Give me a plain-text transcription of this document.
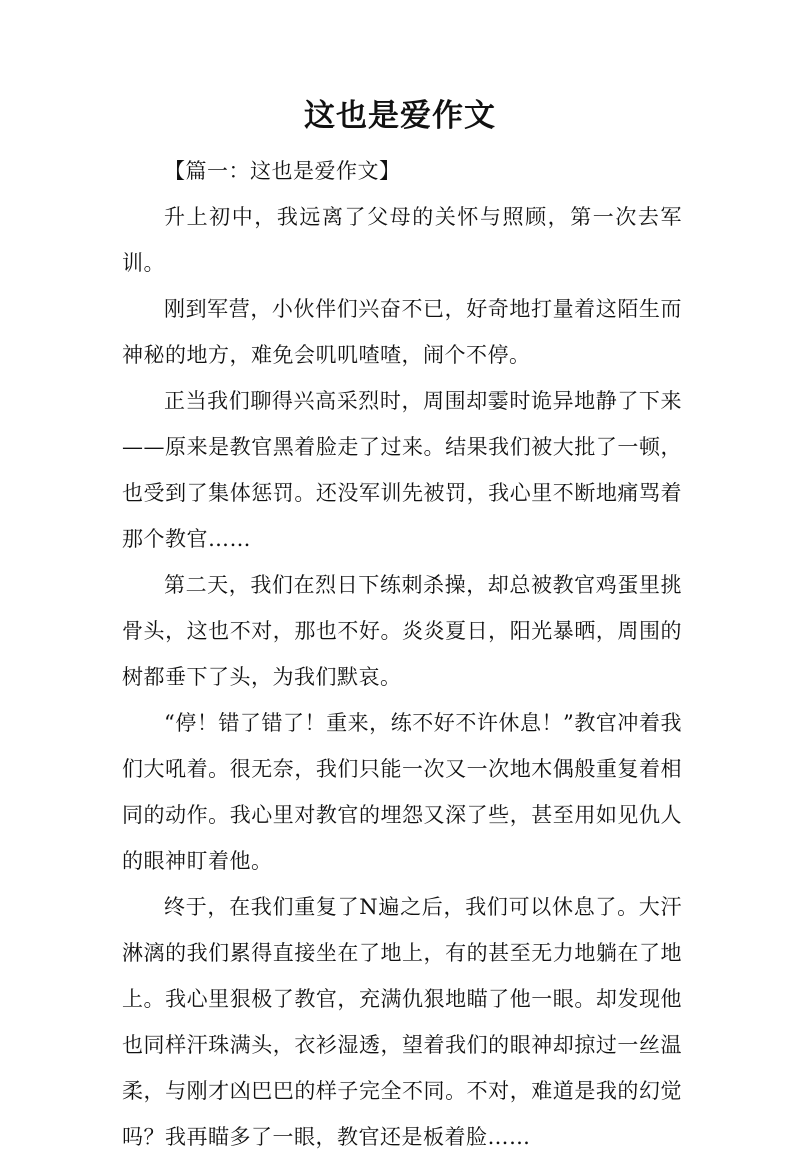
这也是爱作文

【篇一：这也是爱作文】

升上初中，我远离了父母的关怀与照顾，第一次去军训。

刚到军营，小伙伴们兴奋不已，好奇地打量着这陌生而神秘的地方，难免会叽叽喳喳，闹个不停。

正当我们聊得兴高采烈时，周围却霎时诡异地静了下来——原来是教官黑着脸走了过来。结果我们被大批了一顿，也受到了集体惩罚。还没军训先被罚，我心里不断地痛骂着那个教官……

第二天，我们在烈日下练刺杀操，却总被教官鸡蛋里挑骨头，这也不对，那也不好。炎炎夏日，阳光暴晒，周围的树都垂下了头，为我们默哀。

“停！错了错了！重来，练不好不许休息！”教官冲着我们大吼着。很无奈，我们只能一次又一次地木偶般重复着相同的动作。我心里对教官的埋怨又深了些，甚至用如见仇人的眼神盯着他。

终于，在我们重复了N遍之后，我们可以休息了。大汗淋漓的我们累得直接坐在了地上，有的甚至无力地躺在了地上。我心里狠极了教官，充满仇狠地瞄了他一眼。却发现他也同样汗珠满头，衣衫湿透，望着我们的眼神却掠过一丝温柔，与刚才凶巴巴的样子完全不同。不对，难道是我的幻觉吗？我再瞄多了一眼，教官还是板着脸……
